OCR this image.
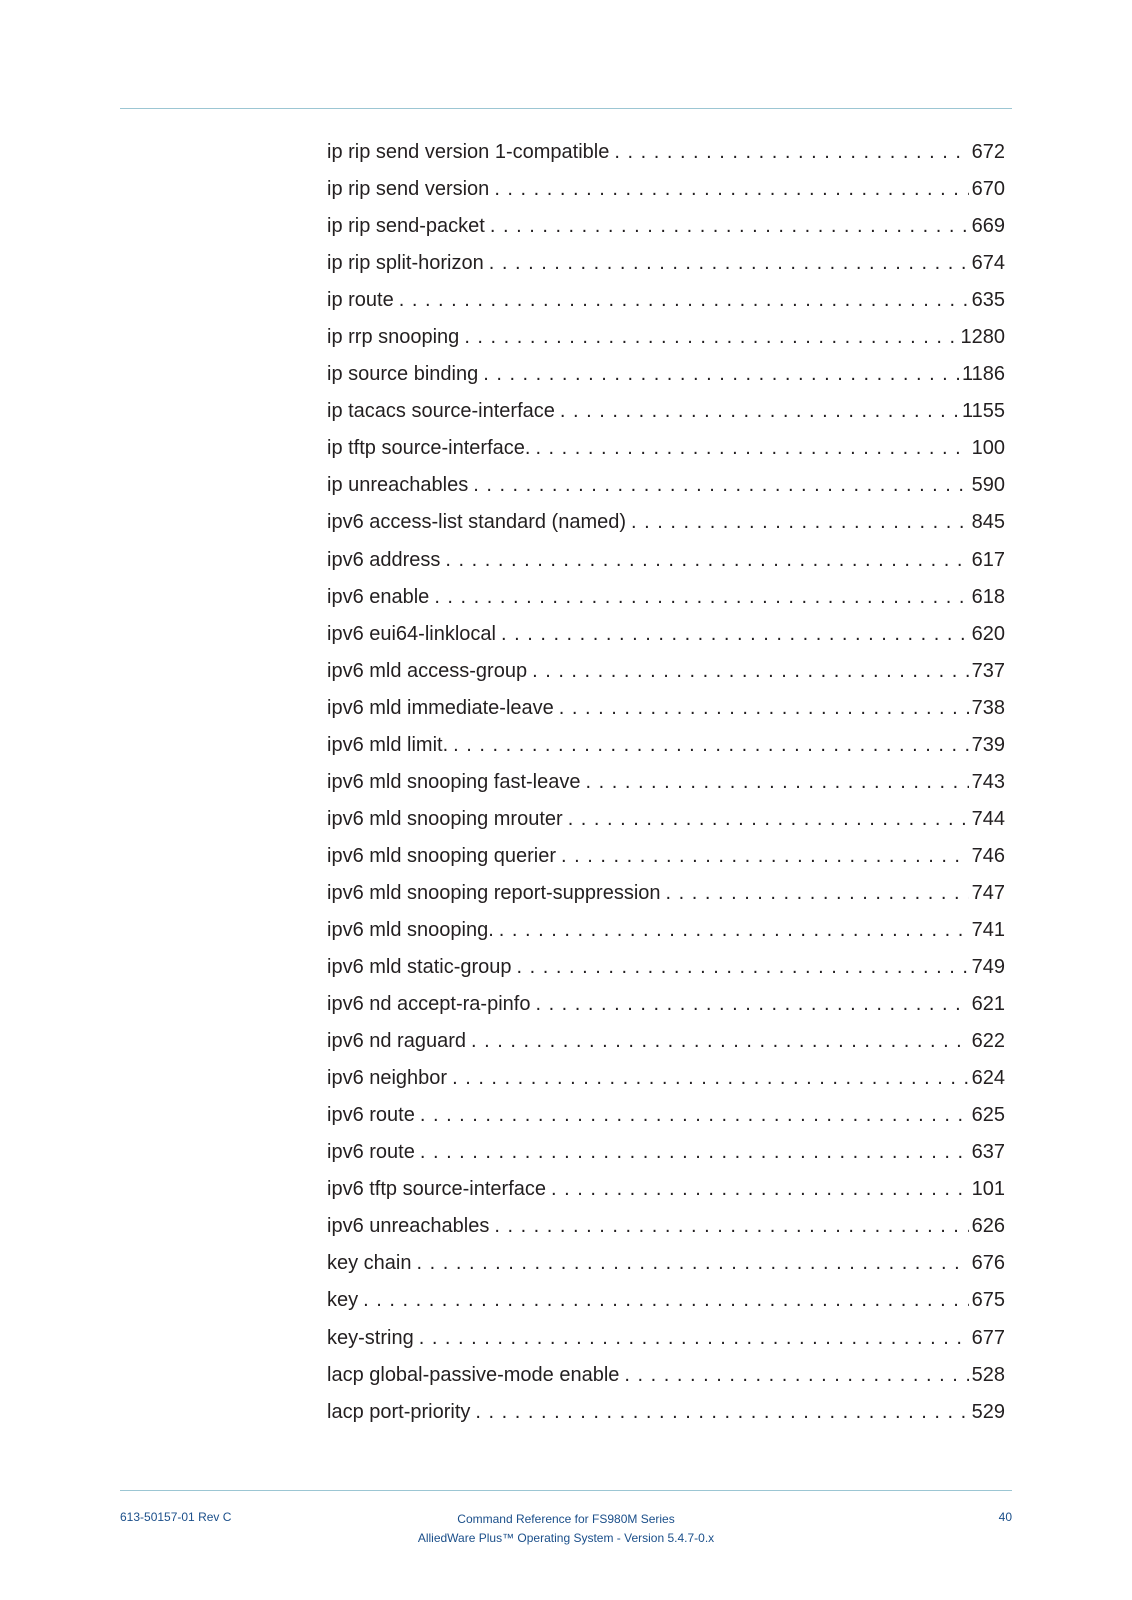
ip rip send version 1-compatible . . .	672
ip rip send version . . .	670
ip rip send-packet . . .	669
ip rip split-horizon . . .	674
ip route . . .	635
ip rrp snooping . . .	1280
ip source binding . . .	1186
ip tacacs source-interface . . .	1155
ip tftp source-interface. . . .	100
ip unreachables . . .	590
ipv6 access-list standard (named) . . .	845
ipv6 address . . .	617
ipv6 enable . . .	618
ipv6 eui64-linklocal . . .	620
ipv6 mld access-group . . .	737
ipv6 mld immediate-leave . . .	738
ipv6 mld limit. . . .	739
ipv6 mld snooping fast-leave . . .	743
ipv6 mld snooping mrouter . . .	744
ipv6 mld snooping querier . . .	746
ipv6 mld snooping report-suppression . . .	747
ipv6 mld snooping. . . .	741
ipv6 mld static-group . . .	749
ipv6 nd accept-ra-pinfo . . .	621
ipv6 nd raguard . . .	622
ipv6 neighbor . . .	624
ipv6 route . . .	625
ipv6 route . . .	637
ipv6 tftp source-interface . . .	101
ipv6 unreachables . . .	626
key chain . . .	676
key . . .	675
key-string . . .	677
lacp global-passive-mode enable . . .	528
lacp port-priority . . .	529
613-50157-01 Rev C	Command Reference for FS980M Series
AlliedWare Plus™ Operating System - Version 5.4.7-0.x
40
